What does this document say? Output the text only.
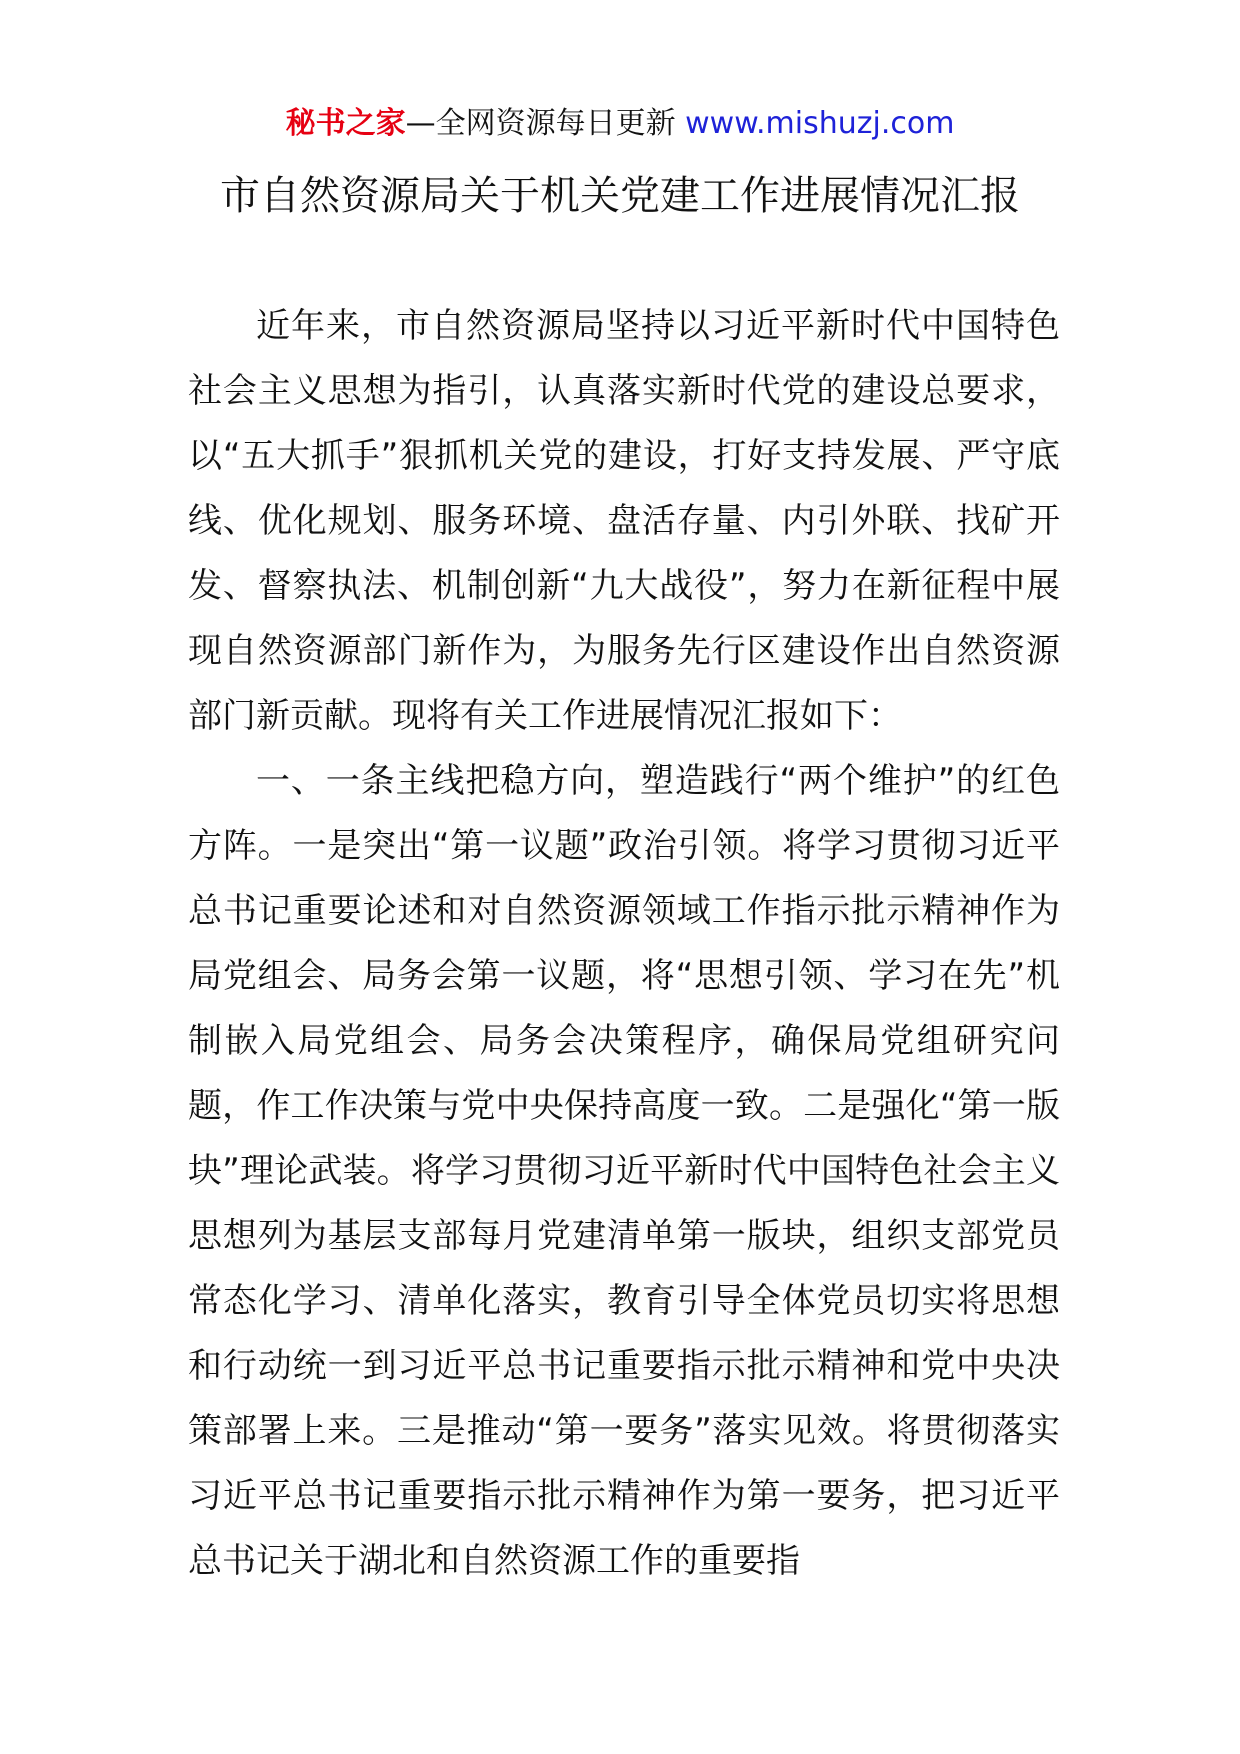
秘书之家—全网资源每日更新 www.mishuzj.com
市自然资源局关于机关党建工作进展情况汇报

近年来，市自然资源局坚持以习近平新时代中国特色社会主义思想为指引，认真落实新时代党的建设总要求，以“五大抓手”狠抓机关党的建设，打好支持发展、严守底线、优化规划、服务环境、盘活存量、内引外联、找矿开发、督察执法、机制创新“九大战役”，努力在新征程中展现自然资源部门新作为，为服务先行区建设作出自然资源部门新贡献。现将有关工作进展情况汇报如下：

一、一条主线把稳方向，塑造践行“两个维护”的红色方阵。一是突出“第一议题”政治引领。将学习贯彻习近平总书记重要论述和对自然资源领域工作指示批示精神作为局党组会、局务会第一议题，将“思想引领、学习在先”机制嵌入局党组会、局务会决策程序，确保局党组研究问题，作工作决策与党中央保持高度一致。二是强化“第一版块”理论武装。将学习贯彻习近平新时代中国特色社会主义思想列为基层支部每月党建清单第一版块，组织支部党员常态化学习、清单化落实，教育引导全体党员切实将思想和行动统一到习近平总书记重要指示批示精神和党中央决策部署上来。三是推动“第一要务”落实见效。将贯彻落实习近平总书记重要指示批示精神作为第一要务，把习近平总书记关于湖北和自然资源工作的重要指
